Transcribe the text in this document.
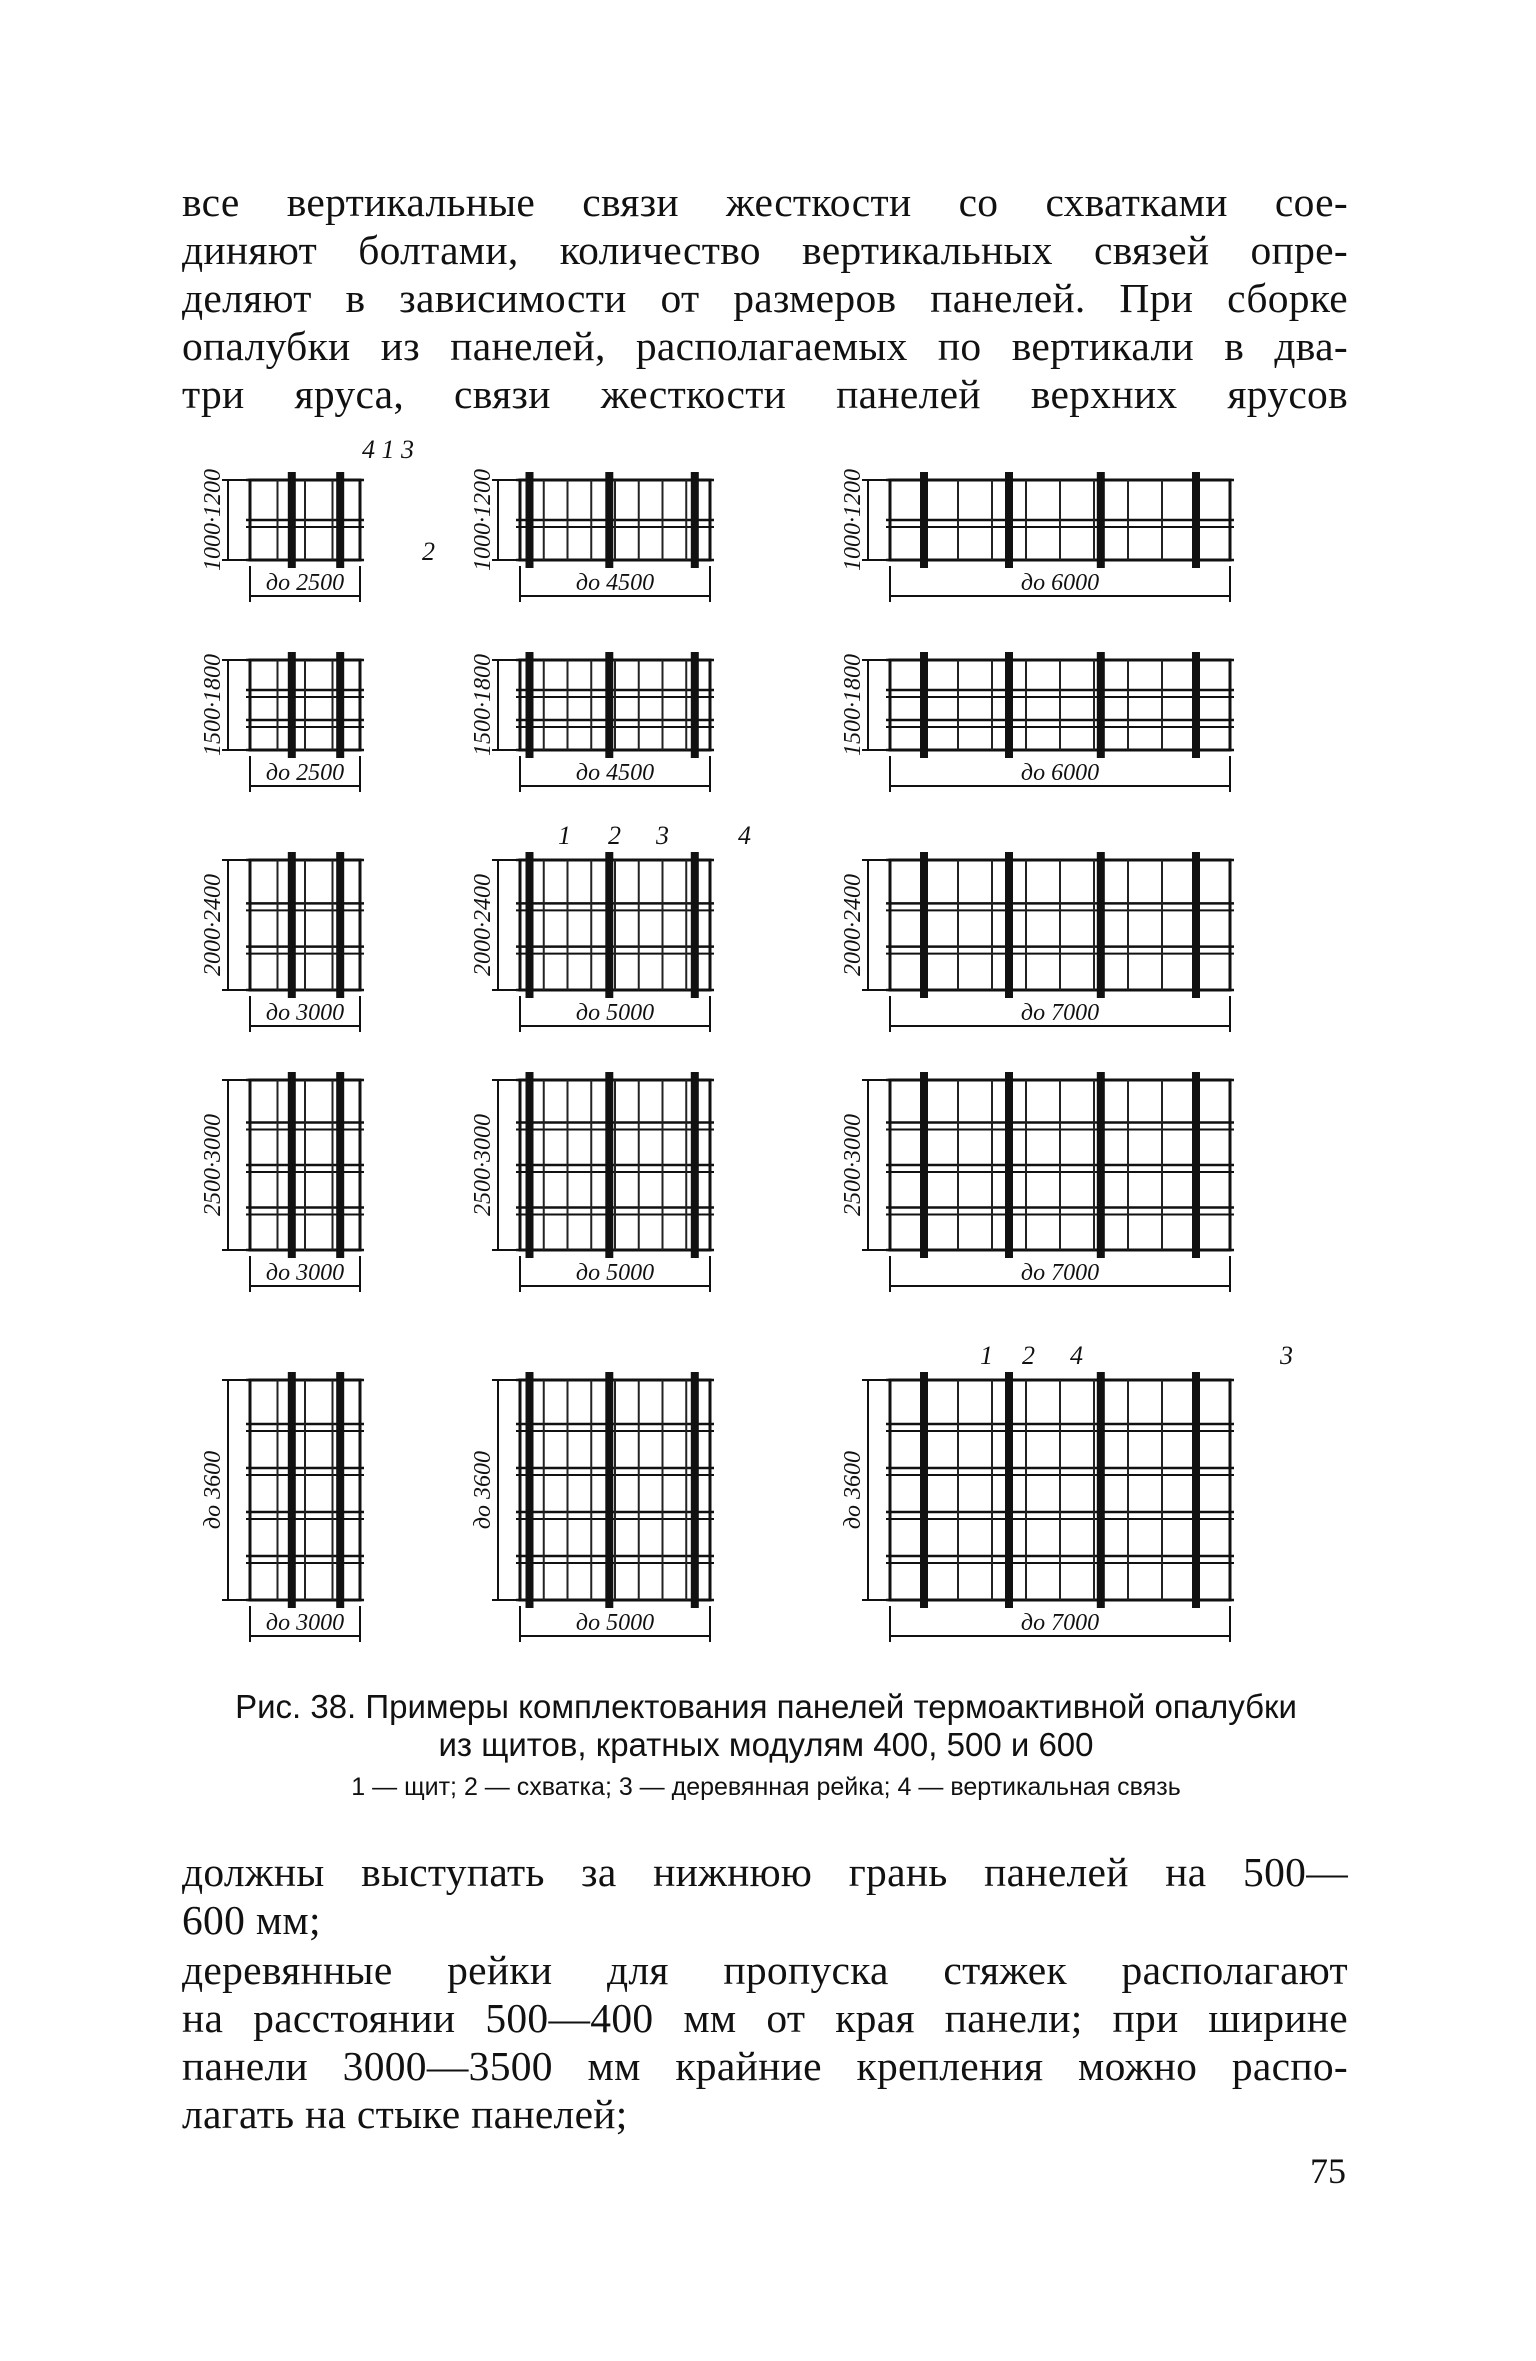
все вертикальные связи жесткости со схватками сое-
диняют болтами, количество вертикальных связей опре-
деляют в зависимости от размеров панелей. При сборке
опалубки из панелей, располагаемых по вертикали в два-
три яруса, связи жесткости панелей верхних ярусов
1000·1200
до 2500
1000·1200
до 4500
1000·1200
до 6000
1500·1800
до 2500
1500·1800
до 4500
1500·1800
до 6000
2000·2400
до 3000
2000·2400
до 5000
2000·2400
до 7000
2500·3000
до 3000
2500·3000
до 5000
2500·3000
до 7000
до 3600
до 3000
до 3600
до 5000
до 3600
до 7000
4 1 3
2
1 2 3	4
1 2 4	3
Рис. 38. Примеры комплектования панелей термоактивной опалубки
из щитов, кратных модулям 400, 500 и 600
1 — щит; 2 — схватка; 3 — деревянная рейка; 4 — вертикальная связь
должны выступать за нижнюю грань панелей на 500—
600 мм;
деревянные рейки для пропуска стяжек располагают
на расстоянии 500—400 мм от края панели; при ширине
панели 3000—3500 мм крайние крепления можно распо-
лагать на стыке панелей;
75
